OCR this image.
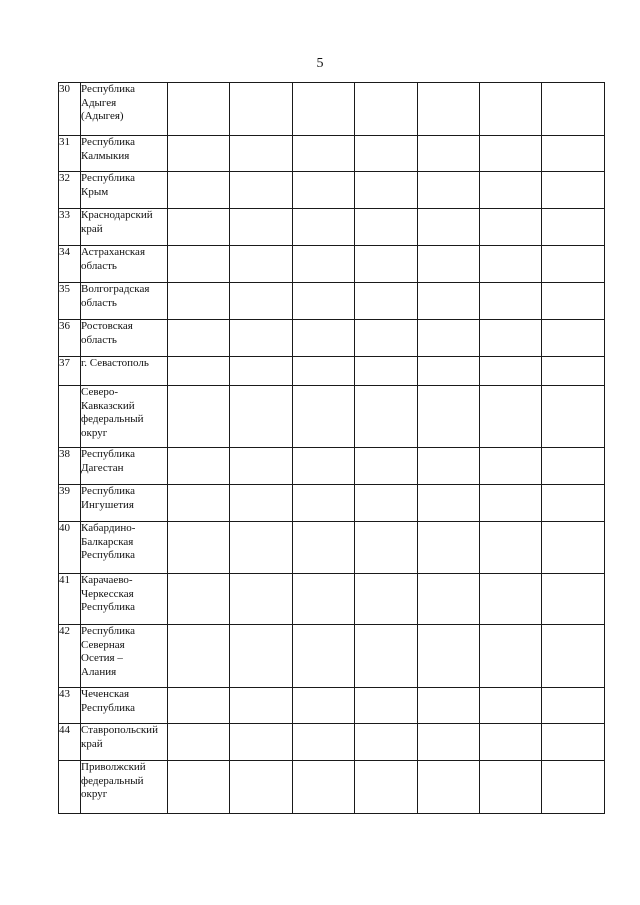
5
30	Республика
Адыгея
(Адыгея)							
31	Республика
Калмыкия							
32	Республика
Крым							
33	Краснодарский
край							
34	Астраханская
область							
35	Волгоградская
область							
36	Ростовская
область							
37	г. Севастополь							
	Северо-
Кавказский
федеральный
округ							
38	Республика
Дагестан							
39	Республика
Ингушетия							
40	Кабардино-
Балкарская
Республика							
41	Карачаево-
Черкесская
Республика							
42	Республика
Северная
Осетия –
Алания							
43	Чеченская
Республика							
44	Ставропольский
край							
	Приволжский
федеральный
округ							
